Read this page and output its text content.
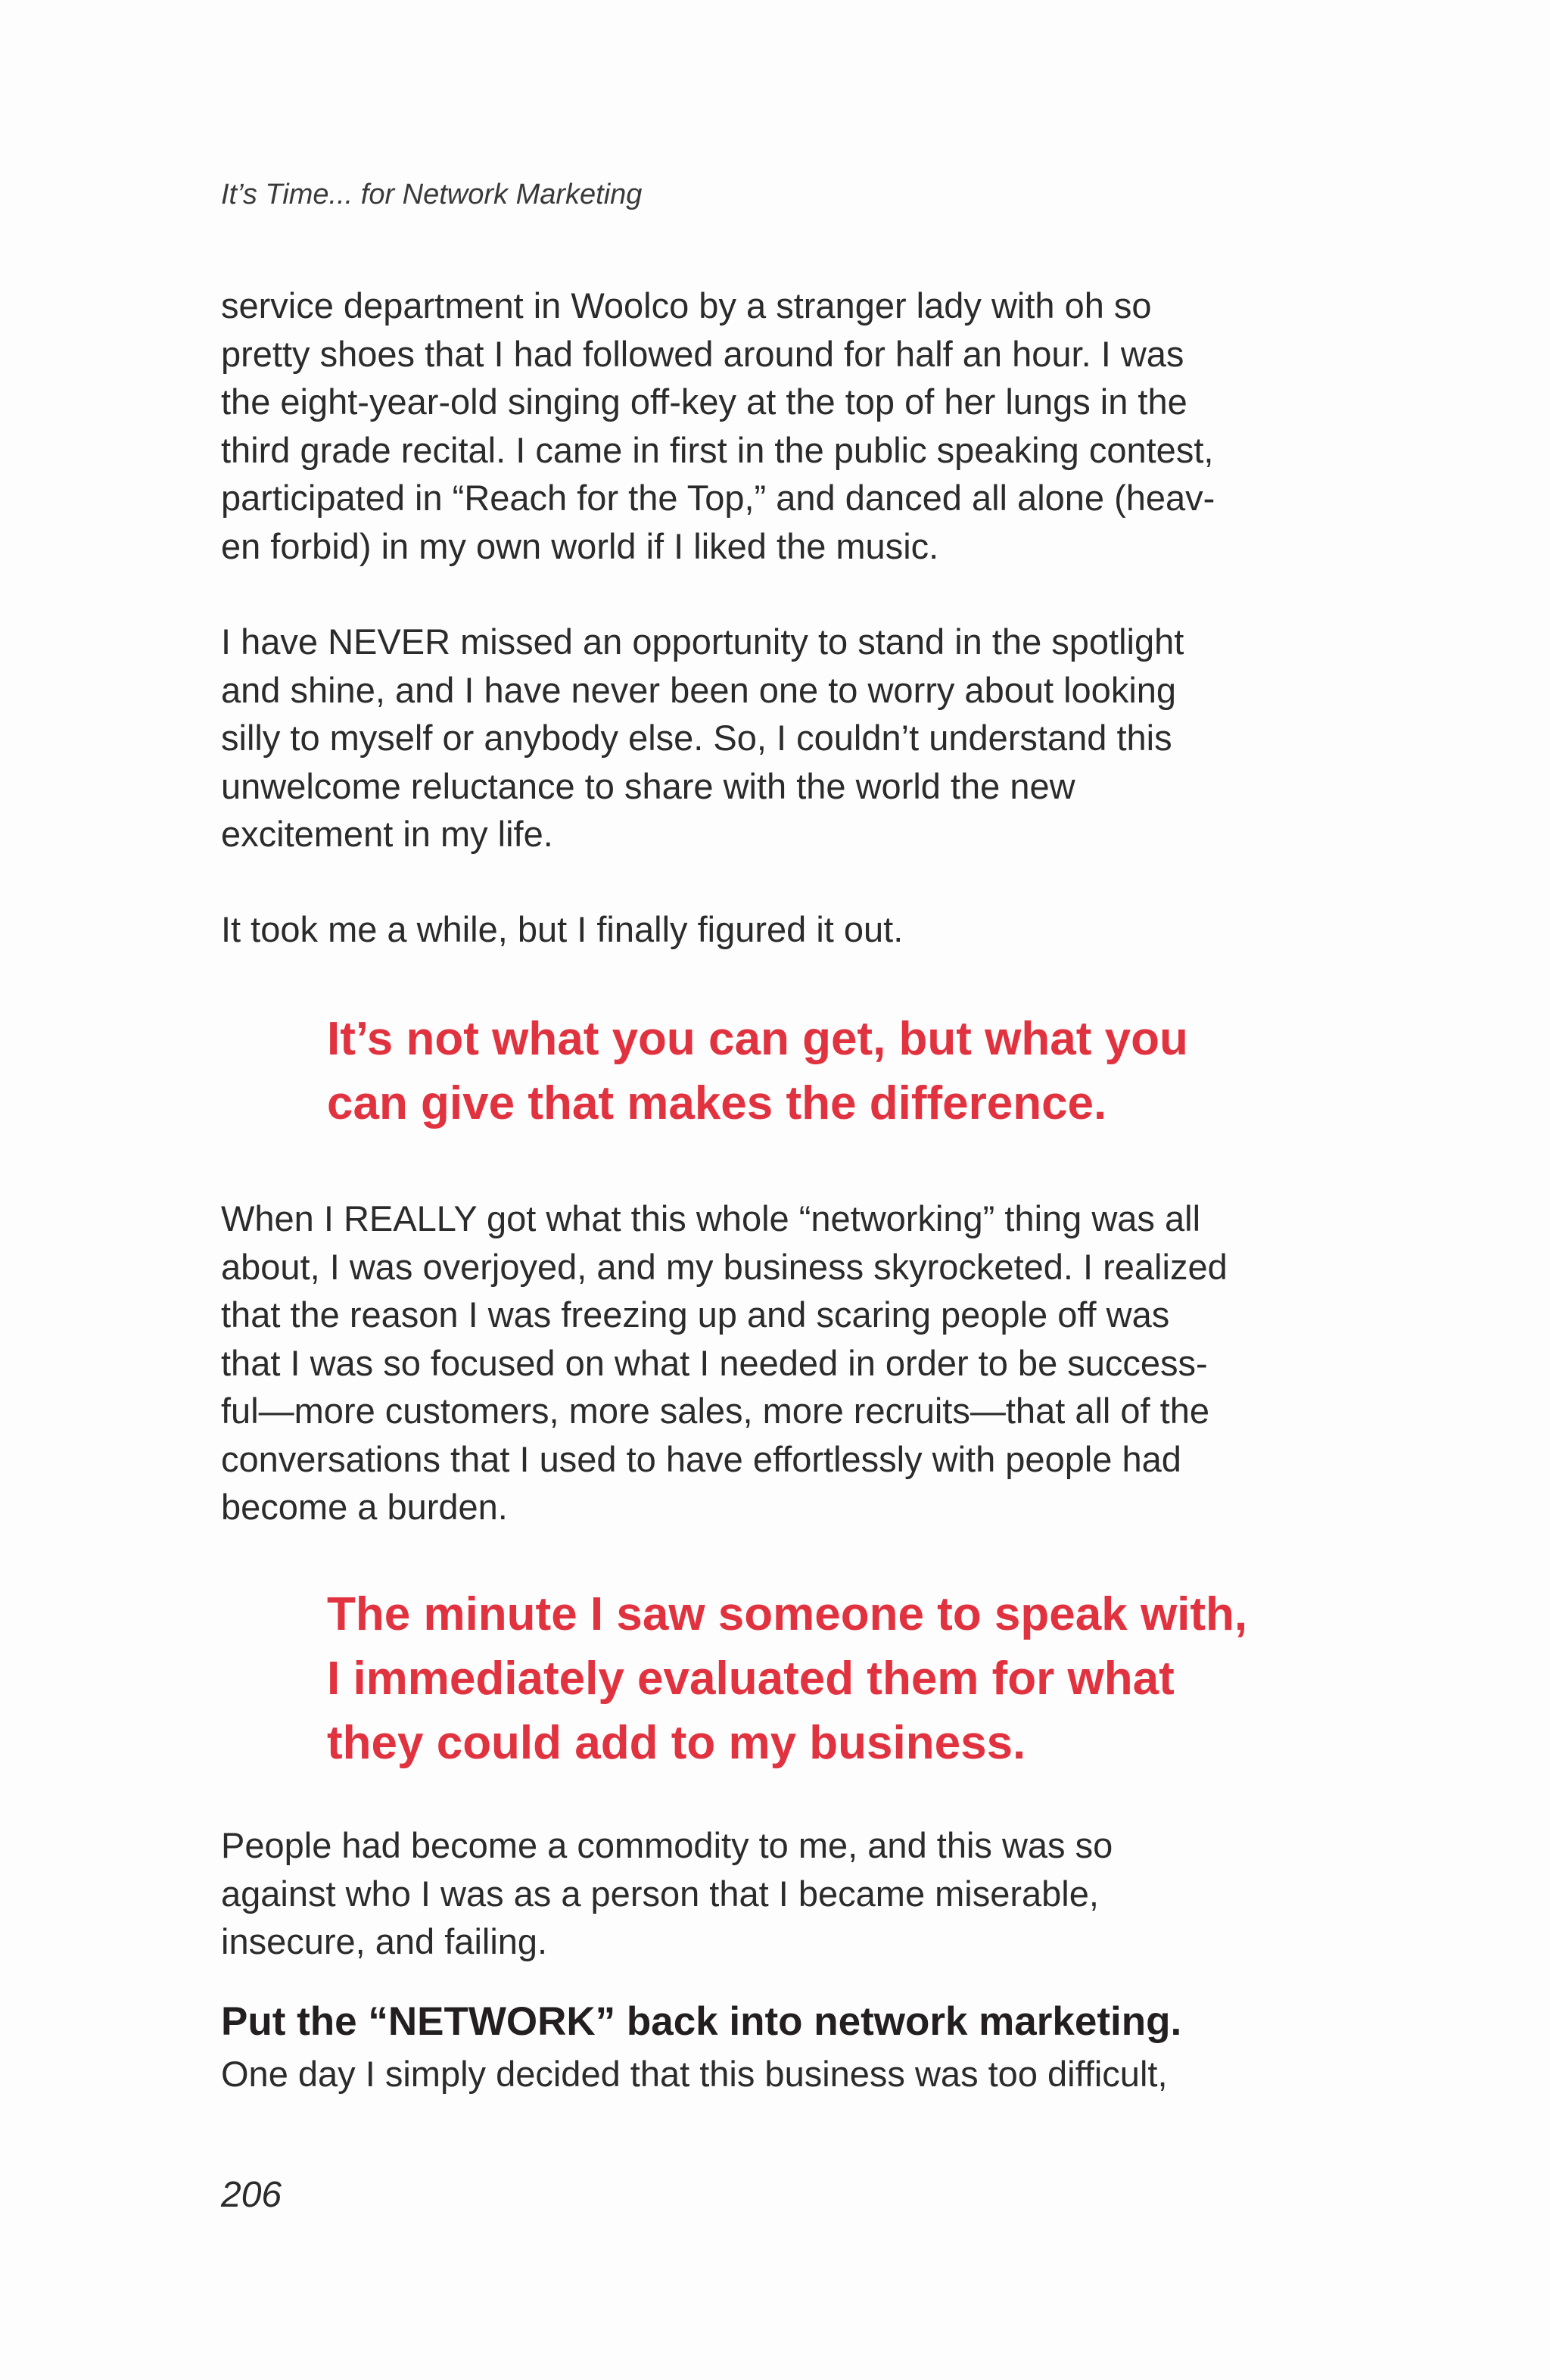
It’s Time... for Network Marketing

service department in Woolco by a stranger lady with oh so
pretty shoes that I had followed around for half an hour. I was
the eight-year-old singing off-key at the top of her lungs in the
third grade recital. I came in first in the public speaking contest,
participated in “Reach for the Top,” and danced all alone (heav-
en forbid) in my own world if I liked the music.

I have NEVER missed an opportunity to stand in the spotlight
and shine, and I have never been one to worry about looking
silly to myself or anybody else. So, I couldn’t understand this
unwelcome reluctance to share with the world the new
excitement in my life.

It took me a while, but I finally figured it out.

It’s not what you can get, but what you
can give that makes the difference.

When I REALLY got what this whole “networking” thing was all
about, I was overjoyed, and my business skyrocketed. I realized
that the reason I was freezing up and scaring people off was
that I was so focused on what I needed in order to be success-
ful—more customers, more sales, more recruits—that all of the
conversations that I used to have effortlessly with people had
become a burden.

The minute I saw someone to speak with,
I immediately evaluated them for what
they could add to my business.

People had become a commodity to me, and this was so
against who I was as a person that I became miserable,
insecure, and failing.

Put the “NETWORK” back into network marketing.

One day I simply decided that this business was too difficult,

206
